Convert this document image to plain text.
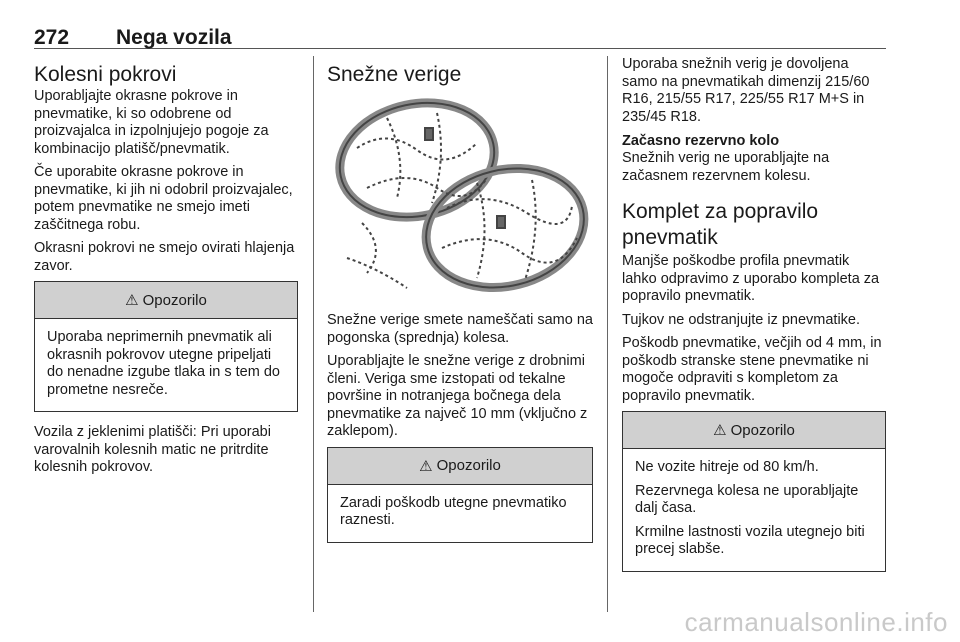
272 Nega vozila
Kolesni pokrovi

Uporabljajte okrasne pokrove in pnevmatike, ki so odobrene od proizvajalca in izpolnjujejo pogoje za kombinacijo platišč/pnevmatik.

Če uporabite okrasne pokrove in pnevmatike, ki jih ni odobril proizvajalec, potem pnevmatike ne smejo imeti zaščitnega robu.

Okrasni pokrovi ne smejo ovirati hlajenja zavor.

⚠ Opozorilo

Uporaba neprimernih pnevmatik ali okrasnih pokrovov utegne pripeljati do nenadne izgube tlaka in s tem do prometne nesreče.

Vozila z jeklenimi platišči: Pri uporabi varovalnih kolesnih matic ne pritrdite kolesnih pokrovov.

Snežne verige

Snežne verige smete nameščati samo na pogonska (sprednja) kolesa.

Uporabljajte le snežne verige z drobnimi členi. Veriga sme izstopati od tekalne površine in notranjega bočnega dela pnevmatike za največ 10 mm (vključno z zaklepom).

⚠ Opozorilo

Zaradi poškodb utegne pnevmatiko raznesti.

Uporaba snežnih verig je dovoljena samo na pnevmatikah dimenzij 215/60 R16, 215/55 R17, 225/55 R17 M+S in 235/45 R18.

Začasno rezervno kolo

Snežnih verig ne uporabljajte na začasnem rezervnem kolesu.

Komplet za popravilo pnevmatik

Manjše poškodbe profila pnevmatik lahko odpravimo z uporabo kompleta za popravilo pnevmatik.

Tujkov ne odstranjujte iz pnevmatike.

Poškodb pnevmatike, večjih od 4 mm, in poškodb stranske stene pnevmatike ni mogoče odpraviti s kompletom za popravilo pnevmatik.

⚠ Opozorilo

Ne vozite hitreje od 80 km/h.

Rezervnega kolesa ne uporabljajte dalj časa.

Krmilne lastnosti vozila utegnejo biti precej slabše.

carmanualsonline.info
